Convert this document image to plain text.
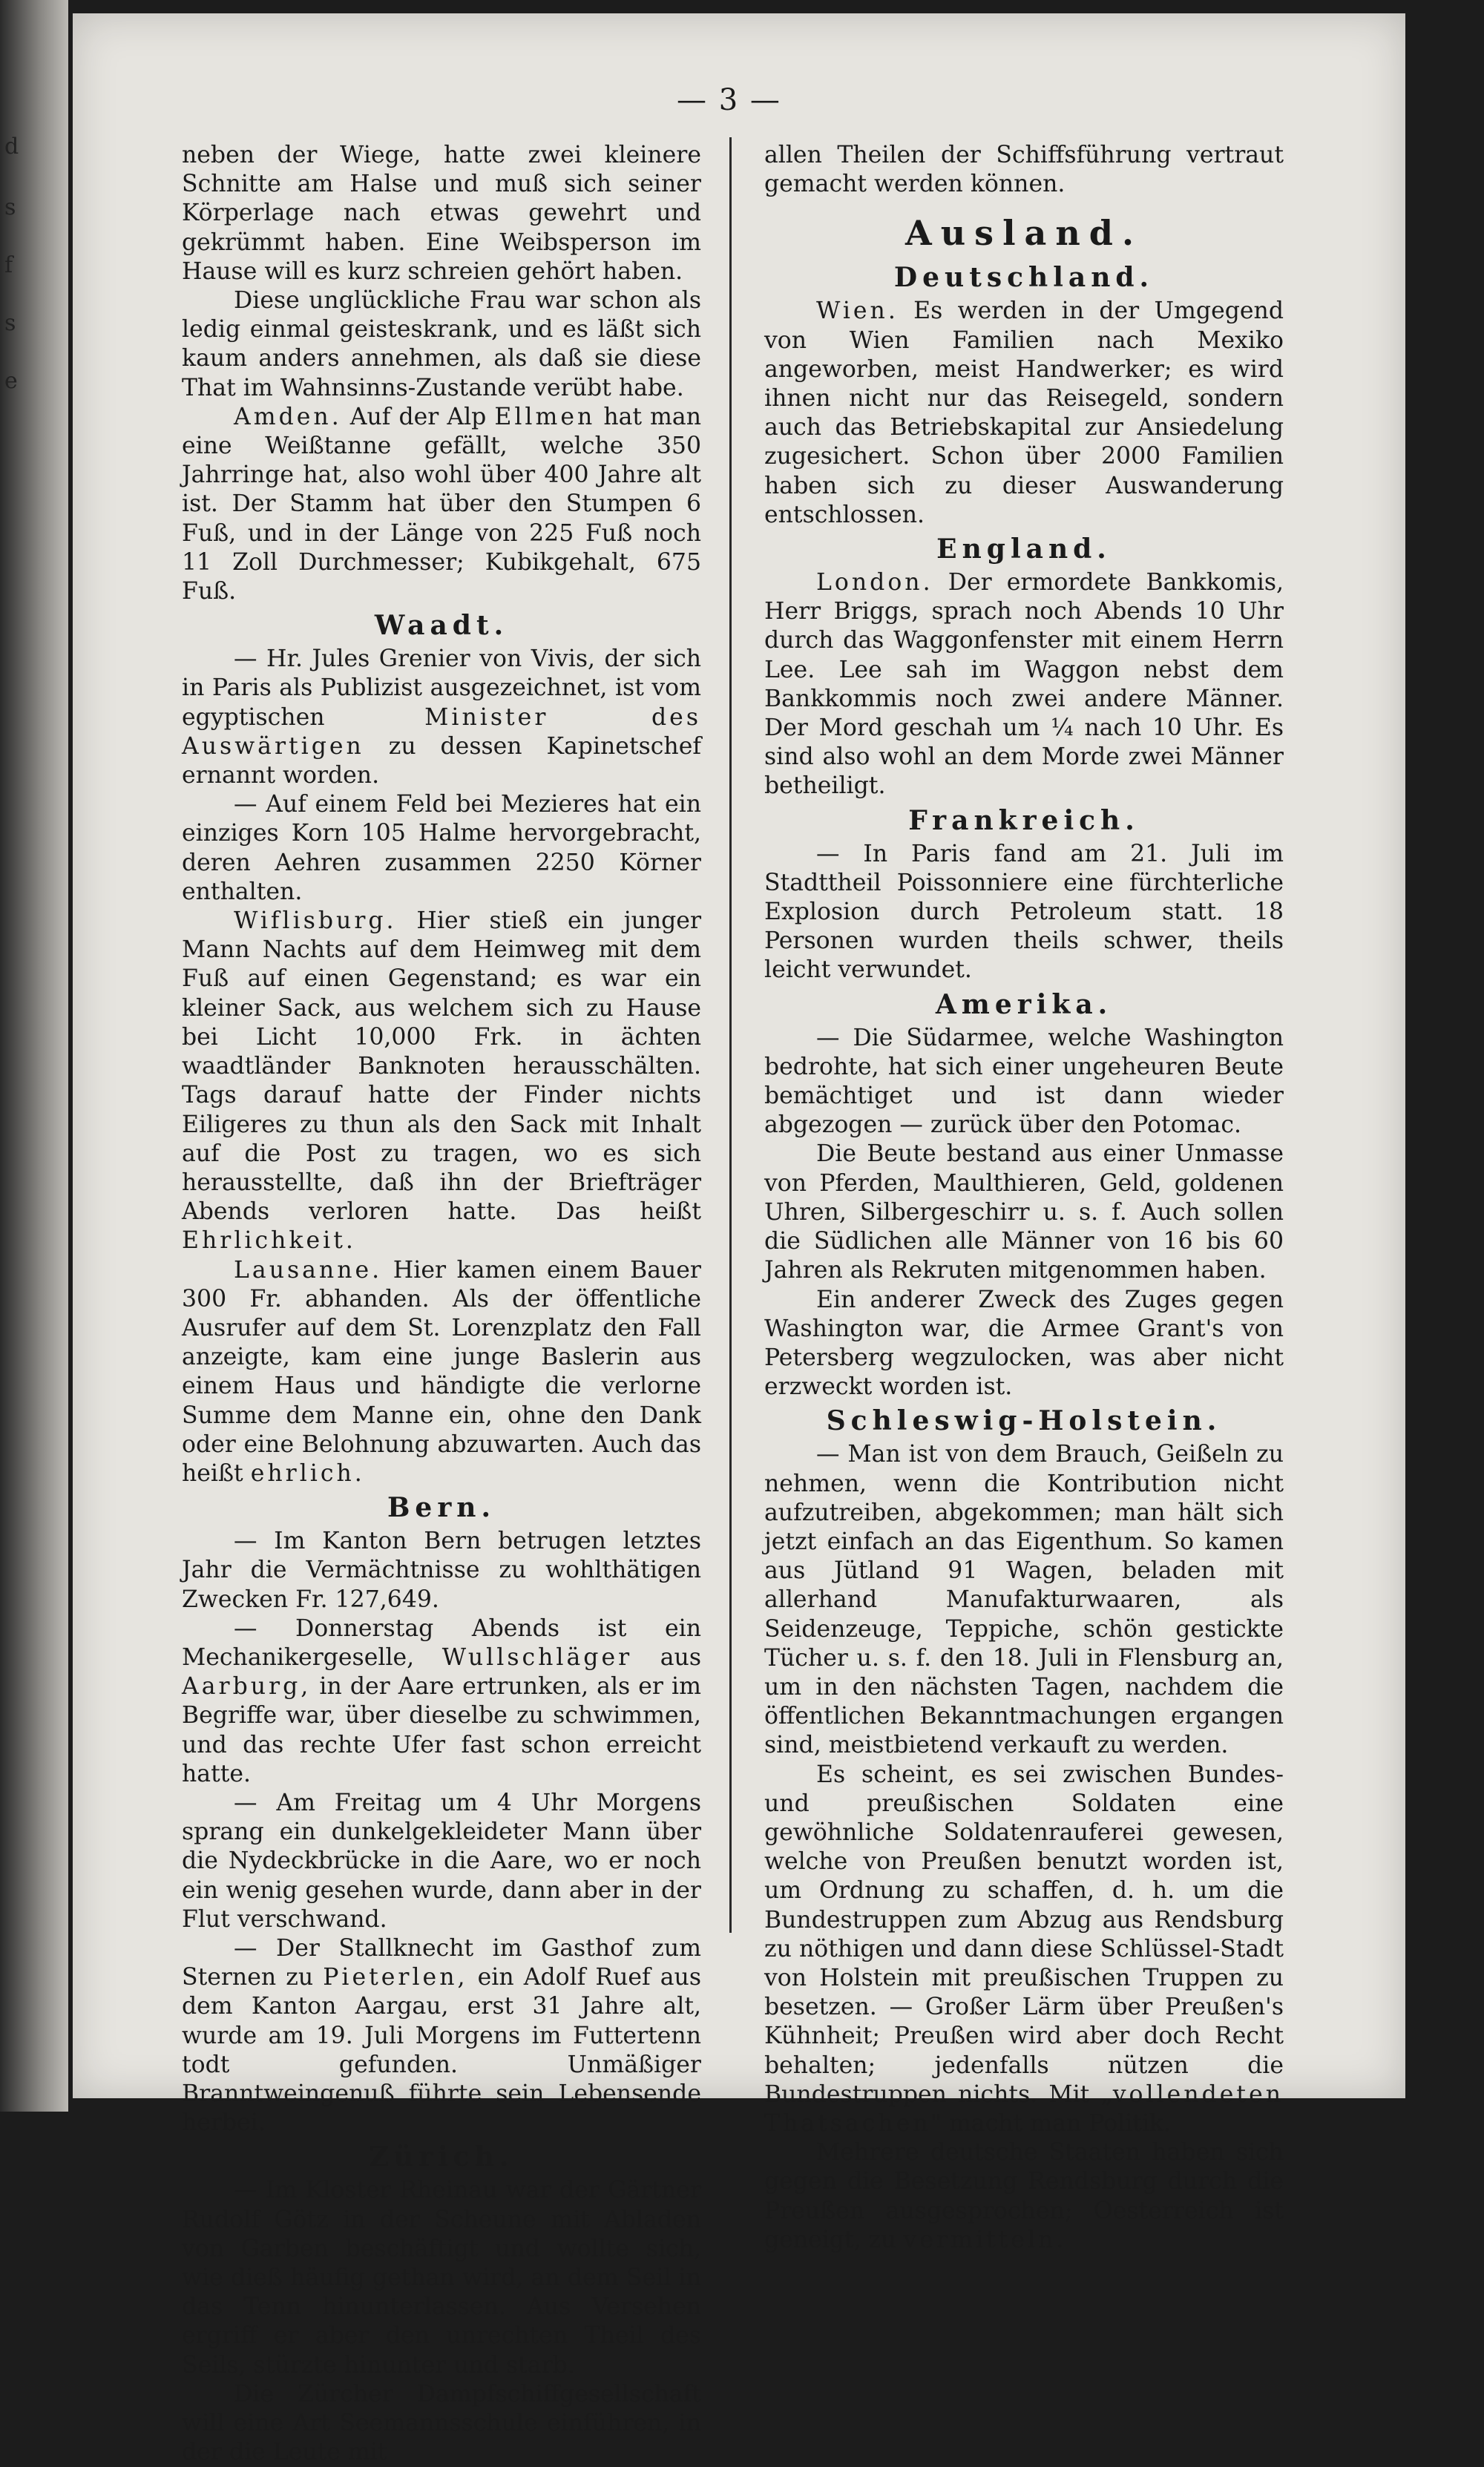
d
s
f
s
e
— 3 —

neben der Wiege, hatte zwei kleinere Schnitte am Halse und muß sich seiner Körperlage nach etwas gewehrt und gekrümmt haben. Eine Weibsperson im Hause will es kurz schreien gehört haben.

Diese unglückliche Frau war schon als ledig einmal geisteskrank, und es läßt sich kaum anders annehmen, als daß sie diese That im Wahnsinns-Zustande verübt habe.

Amden. Auf der Alp Ellmen hat man eine Weißtanne gefällt, welche 350 Jahrringe hat, also wohl über 400 Jahre alt ist. Der Stamm hat über den Stumpen 6 Fuß, und in der Länge von 225 Fuß noch 11 Zoll Durchmesser; Kubikgehalt, 675 Fuß.

Waadt.

— Hr. Jules Grenier von Vivis, der sich in Paris als Publizist ausgezeichnet, ist vom egyptischen	Minister des Auswärtigen zu dessen Kapinetschef ernannt worden.

— Auf einem Feld bei Mezieres hat ein einziges Korn 105 Halme hervorgebracht, deren Aehren zusammen 2250 Körner enthalten.

Wiflisburg. Hier stieß ein junger Mann Nachts auf dem Heimweg mit dem Fuß auf einen Gegenstand; es war ein kleiner Sack, aus welchem sich zu Hause bei Licht 10,000 Frk. in ächten waadtländer Banknoten herausschälten. Tags darauf hatte der Finder nichts Eiligeres zu thun als den Sack mit Inhalt auf die Post zu tragen, wo es sich herausstellte, daß ihn der Briefträger Abends verloren hatte. Das heißt Ehrlichkeit.

Lausanne. Hier kamen einem Bauer 300 Fr. abhanden. Als der öffentliche Ausrufer auf dem St. Lorenzplatz den Fall anzeigte, kam eine junge Baslerin aus einem Haus und händigte die verlorne Summe dem Manne ein, ohne den Dank oder eine Belohnung abzuwarten. Auch das heißt ehrlich.

Bern.

— Im Kanton Bern betrugen letztes Jahr die Vermächtnisse zu wohlthätigen Zwecken Fr. 127,649.

— Donnerstag Abends ist ein Mechanikergeselle, Wullschläger aus Aarburg, in der Aare ertrunken, als er im Begriffe war, über dieselbe zu schwimmen, und das rechte Ufer fast schon erreicht hatte.

— Am Freitag um 4 Uhr Morgens sprang ein dunkelgekleideter Mann über die Nydeckbrücke in die Aare, wo er noch ein wenig gesehen wurde, dann aber in der Flut verschwand.

— Der Stallknecht im Gasthof zum Sternen zu Pieterlen, ein Adolf Ruef aus dem Kanton Aargau, erst 31 Jahre alt, wurde am 19. Juli Morgens im Futtertenn todt gefunden. Unmäßiger Branntweingenuß führte sein Lebensende herbei.

Zürich.

— Im Kloster Rheinau war der Gärtner Rudolf Götz in der Scheune mit Abladen von Garben beschäftigt und wollte sich, wie dieß häufig gethan wird, an dem Seil in das Tenn hinunterlassen. Aus Versehen ergriff er aber den unrechten Theil des Seils, stürzte hinunter und starb.

Die Zürcher Dampfschiffgesellschaft will eine Art Seemannsschule einführen, in der die Leute mit

allen Theilen der Schiffsführung vertraut gemacht werden können.

Ausland.
Deutschland.

Wien. Es werden in der Umgegend von Wien Familien nach Mexiko angeworben, meist Handwerker; es wird ihnen nicht nur das Reisegeld, sondern auch das Betriebskapital zur Ansiedelung zugesichert. Schon über 2000 Familien haben sich zu dieser Auswanderung entschlossen.

England.

London. Der ermordete Bankkomis, Herr Briggs, sprach noch Abends 10 Uhr durch das Waggonfenster mit einem Herrn Lee. Lee sah im Waggon nebst dem Bankkommis noch zwei andere Männer. Der Mord geschah um ¼ nach 10 Uhr. Es sind also wohl an dem Morde zwei Männer betheiligt.

Frankreich.

— In Paris fand am 21. Juli im Stadttheil Poissonniere eine fürchterliche Explosion durch Petroleum statt. 18 Personen wurden theils schwer, theils leicht verwundet.

Amerika.

— Die Südarmee, welche Washington bedrohte, hat sich einer ungeheuren Beute bemächtiget und ist dann wieder abgezogen — zurück über den Potomac.

Die Beute bestand aus einer Unmasse von Pferden, Maulthieren, Geld, goldenen Uhren, Silbergeschirr u. s. f. Auch sollen die Südlichen alle Männer von 16 bis 60 Jahren als Rekruten mitgenommen haben.

Ein anderer Zweck des Zuges gegen Washington war, die Armee Grant's von Petersberg wegzulocken, was aber nicht erzweckt worden ist.

Schleswig-Holstein.

— Man ist von dem Brauch, Geißeln zu nehmen, wenn die Kontribution nicht aufzutreiben, abgekommen; man hält sich jetzt einfach an das Eigenthum. So kamen aus Jütland 91 Wagen, beladen mit allerhand Manufakturwaaren, als Seidenzeuge, Teppiche, schön gestickte Tücher u. s. f. den 18. Juli in Flensburg an, um in den nächsten Tagen, nachdem die öffentlichen Bekanntmachungen ergangen sind, meistbietend verkauft zu werden.

Es scheint, es sei zwischen Bundes- und preußischen Soldaten eine gewöhnliche Soldatenrauferei gewesen, welche von Preußen benutzt worden ist, um Ordnung zu schaffen, d. h. um die Bundestruppen zum Abzug aus Rendsburg zu nöthigen und dann diese Schlüssel-Stadt von Holstein mit preußischen Truppen zu besetzen. — Großer Lärm über Preußen's Kühnheit; Preußen wird aber doch Recht behalten; jedenfalls nützen die Bundestruppen nichts. Mit „vollendeten Thatsachen" macht man Politik.

Mehrere deutsche Staaten haben sich gegen die Besetzung Rendsburg durch die Preußen ausgesprochen; Oesterreich ist geneigt, zu vermitteln.
